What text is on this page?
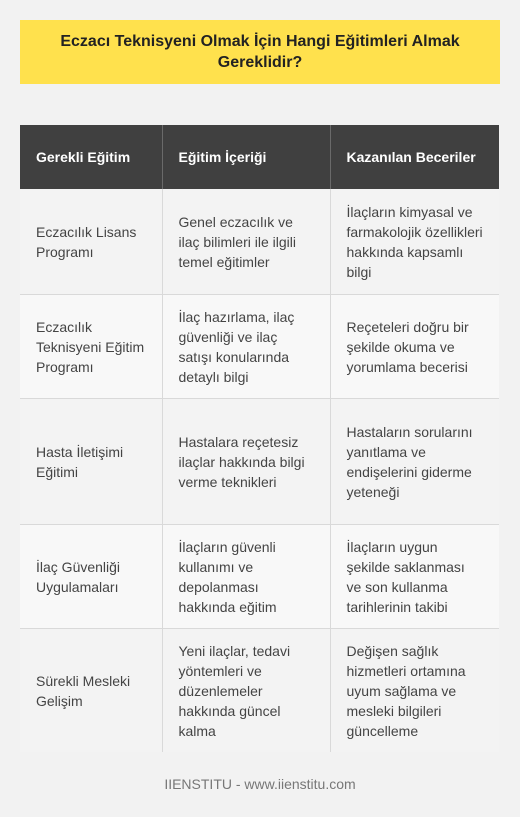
Eczacı Teknisyeni Olmak İçin Hangi Eğitimleri Almak Gereklidir?
Gerekli Eğitim	Eğitim İçeriği	Kazanılan Beceriler
Eczacılık Lisans Programı	Genel eczacılık ve ilaç bilimleri ile ilgili temel eğitimler	İlaçların kimyasal ve farmakolojik özellikleri hakkında kapsamlı bilgi
Eczacılık Teknisyeni Eğitim Programı	İlaç hazırlama, ilaç güvenliği ve ilaç satışı konularında detaylı bilgi	Reçeteleri doğru bir şekilde okuma ve yorumlama becerisi
Hasta İletişimi Eğitimi	Hastalara reçetesiz ilaçlar hakkında bilgi verme teknikleri	Hastaların sorularını yanıtlama ve endişelerini giderme yeteneği
İlaç Güvenliği Uygulamaları	İlaçların güvenli kullanımı ve depolanması hakkında eğitim	İlaçların uygun şekilde saklanması ve son kullanma tarihlerinin takibi
Sürekli Mesleki Gelişim	Yeni ilaçlar, tedavi yöntemleri ve düzenlemeler hakkında güncel kalma	Değişen sağlık hizmetleri ortamına uyum sağlama ve mesleki bilgileri güncelleme
IIENSTITU - www.iienstitu.com
